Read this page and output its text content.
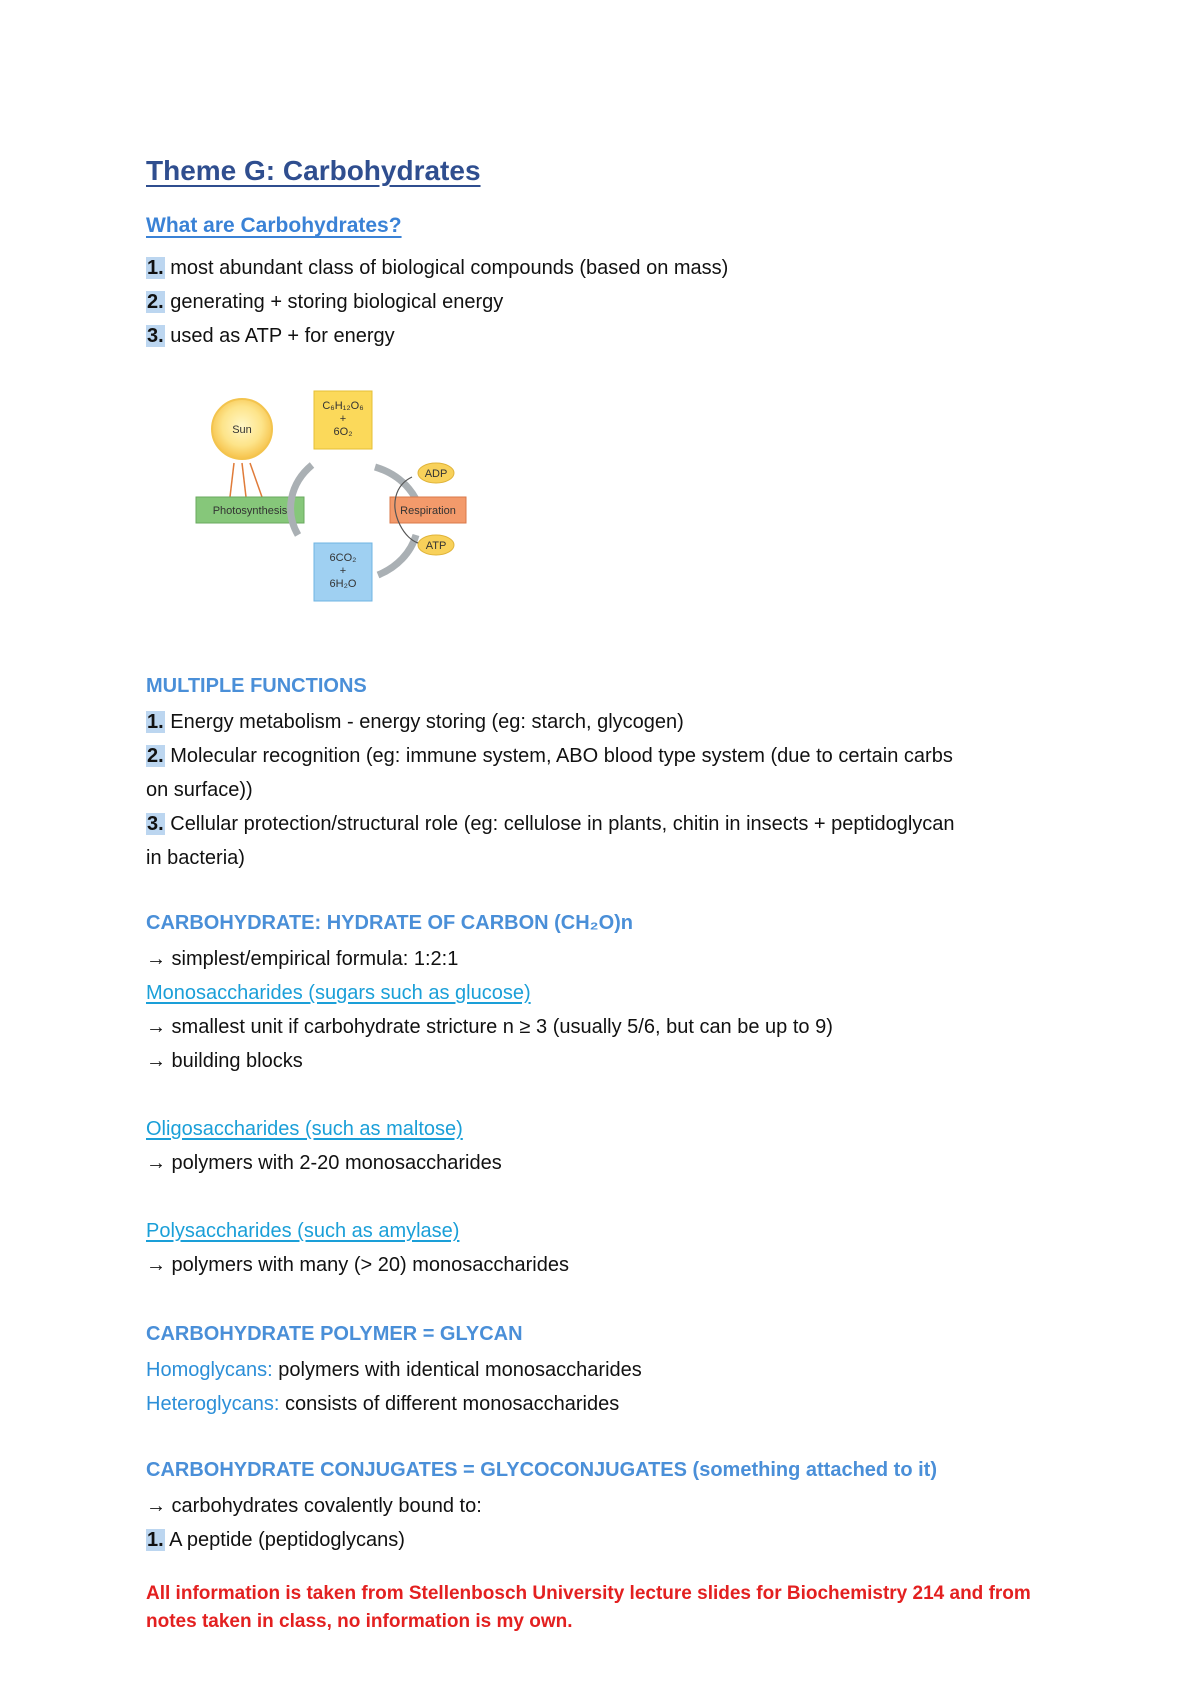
Theme G: Carbohydrates
What are Carbohydrates?
1. most abundant class of biological compounds (based on mass)
2. generating + storing biological energy
3. used as ATP + for energy
Sun
Photosynthesis
C₆H₁₂O₆
+
6O₂
Respiration
ADP
ATP
6CO₂
+
6H₂O
MULTIPLE FUNCTIONS
1. Energy metabolism - energy storing (eg: starch, glycogen)
2. Molecular recognition (eg: immune system, ABO blood type system (due to certain carbs
on surface))
3. Cellular protection/structural role (eg: cellulose in plants, chitin in insects + peptidoglycan
in bacteria)
CARBOHYDRATE: HYDRATE OF CARBON (CH₂O)n
→ simplest/empirical formula: 1:2:1
Monosaccharides (sugars such as glucose)
→ smallest unit if carbohydrate stricture n ≥ 3 (usually 5/6, but can be up to 9)
→ building blocks
Oligosaccharides (such as maltose)
→ polymers with 2-20 monosaccharides
Polysaccharides (such as amylase)
→ polymers with many (> 20) monosaccharides
CARBOHYDRATE POLYMER = GLYCAN
Homoglycans: polymers with identical monosaccharides
Heteroglycans: consists of different monosaccharides
CARBOHYDRATE CONJUGATES = GLYCOCONJUGATES (something attached to it)
→ carbohydrates covalently bound to:
1. A peptide (peptidoglycans)
All information is taken from Stellenbosch University lecture slides for Biochemistry 214 and from notes taken in class, no information is my own.
